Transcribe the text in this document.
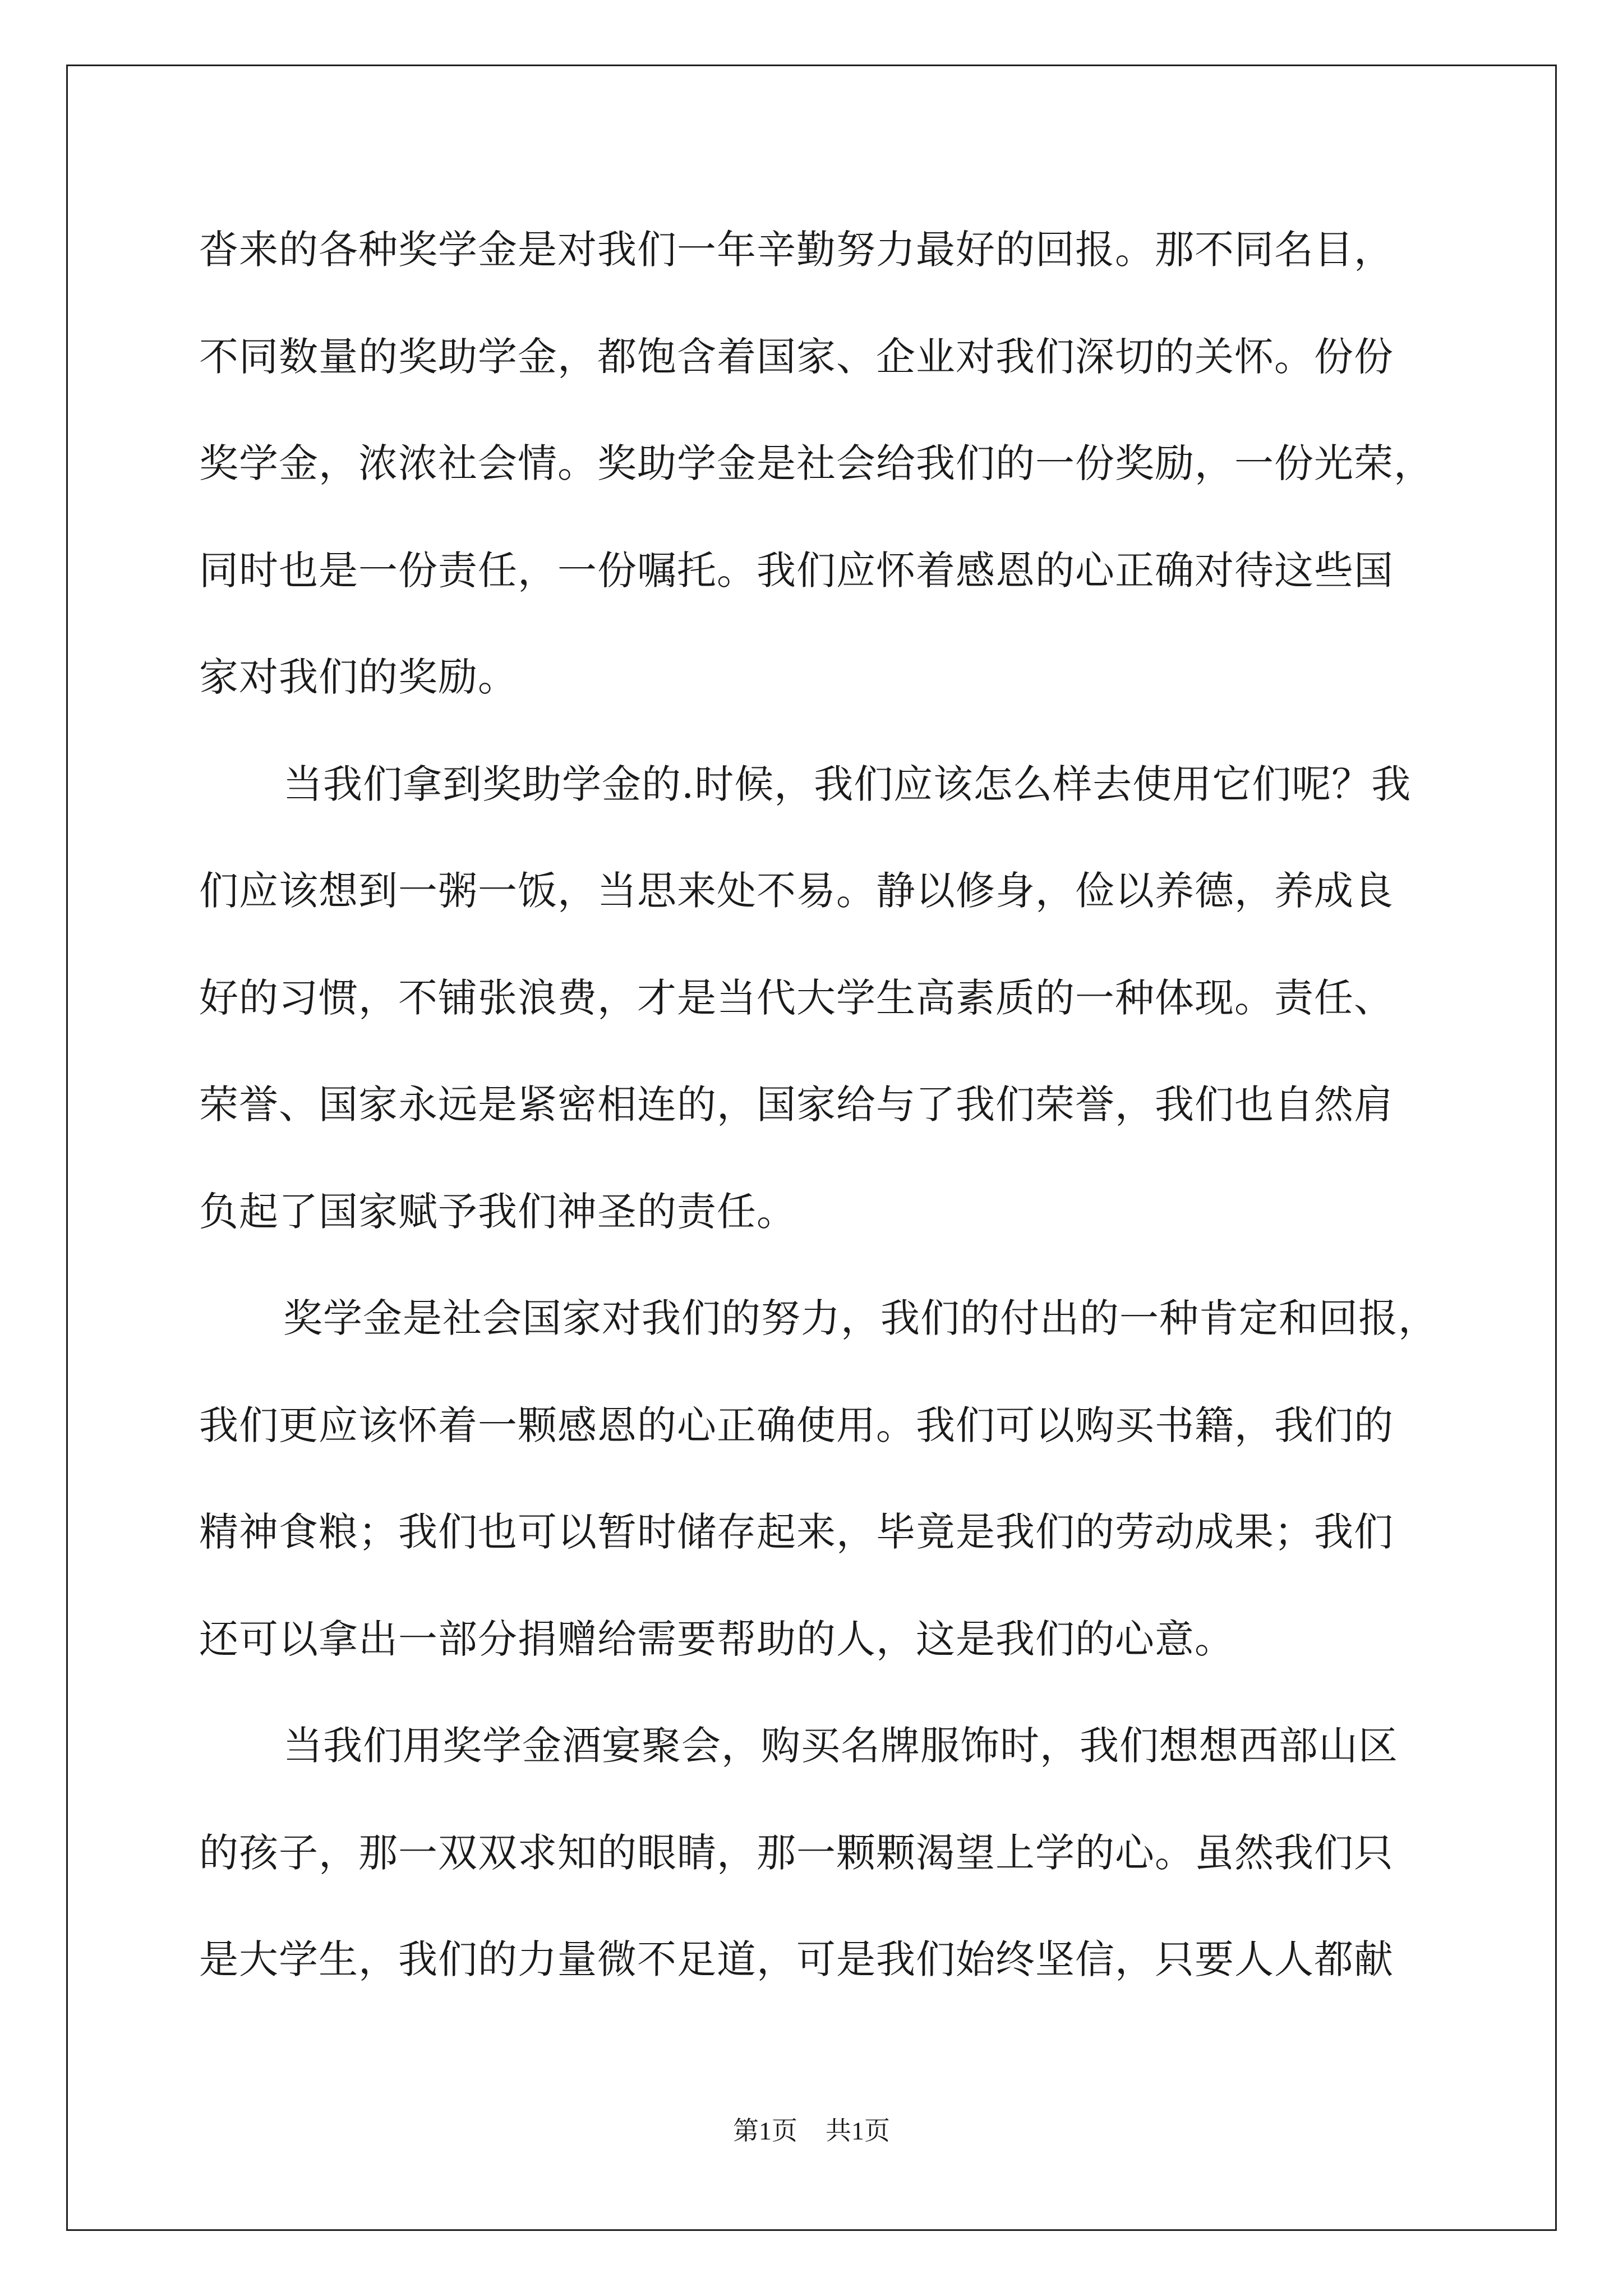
沓来的各种奖学金是对我们一年辛勤努力最好的回报。那不同名目，
不同数量的奖助学金，都饱含着国家、企业对我们深切的关怀。份份
奖学金，浓浓社会情。奖助学金是社会给我们的一份奖励，一份光荣，
同时也是一份责任，一份嘱托。我们应怀着感恩的心正确对待这些国
家对我们的奖励。
当我们拿到奖助学金的.时候，我们应该怎么样去使用它们呢？我
们应该想到一粥一饭，当思来处不易。静以修身，俭以养德，养成良
好的习惯，不铺张浪费，才是当代大学生高素质的一种体现。责任、
荣誉、国家永远是紧密相连的，国家给与了我们荣誉，我们也自然肩
负起了国家赋予我们神圣的责任。
奖学金是社会国家对我们的努力，我们的付出的一种肯定和回报，
我们更应该怀着一颗感恩的心正确使用。我们可以购买书籍，我们的
精神食粮；我们也可以暂时储存起来，毕竟是我们的劳动成果；我们
还可以拿出一部分捐赠给需要帮助的人，这是我们的心意。
当我们用奖学金酒宴聚会，购买名牌服饰时，我们想想西部山区
的孩子，那一双双求知的眼睛，那一颗颗渴望上学的心。虽然我们只
是大学生，我们的力量微不足道，可是我们始终坚信，只要人人都献
第1页 共1页
